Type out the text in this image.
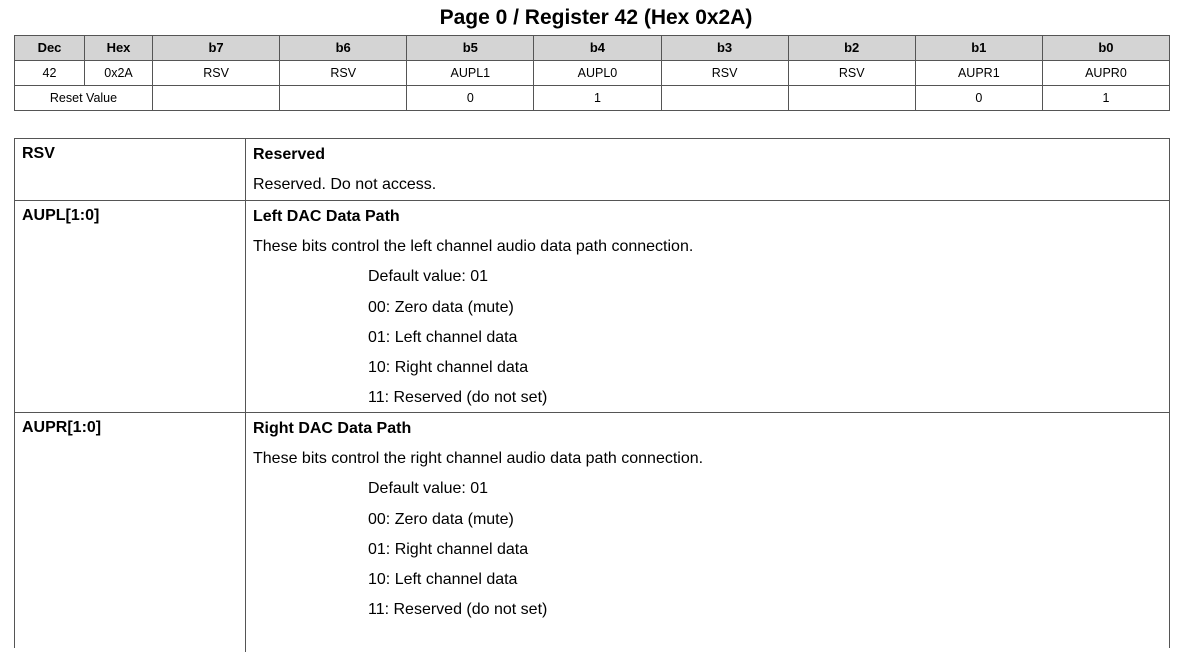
Page 0 / Register 42 (Hex 0x2A)
Dec	Hex	b7	b6	b5	b4	b3	b2	b1	b0
42	0x2A	RSV	RSV	AUPL1	AUPL0	RSV	RSV	AUPR1	AUPR0
Reset Value				0	1			0	1
RSV	Reserved
Reserved. Do not access.
AUPL[1:0]	Left DAC Data Path
These bits control the left channel audio data path connection.
Default value: 01
00: Zero data (mute)
01: Left channel data
10: Right channel data
11: Reserved (do not set)
AUPR[1:0]	Right DAC Data Path
These bits control the right channel audio data path connection.
Default value: 01
00: Zero data (mute)
01: Right channel data
10: Left channel data
11: Reserved (do not set)
